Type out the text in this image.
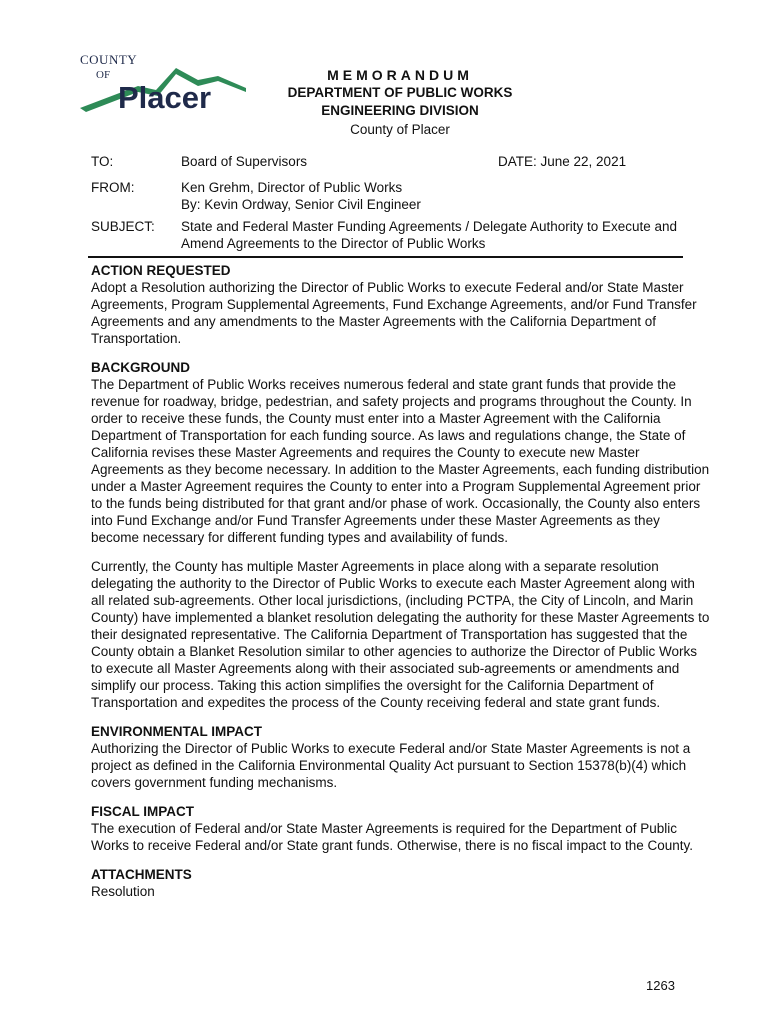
COUNTY
OF
Placer
MEMORANDUM
DEPARTMENT OF PUBLIC WORKS
ENGINEERING DIVISION
County of Placer
TO:	Board of Supervisors	DATE: June 22, 2021
FROM:	Ken Grehm, Director of Public Works
By: Kevin Ordway, Senior Civil Engineer
SUBJECT: State and Federal Master Funding Agreements / Delegate Authority to Execute and
Amend Agreements to the Director of Public Works
ACTION REQUESTED

Adopt a Resolution authorizing the Director of Public Works to execute Federal and/or State Master Agreements, Program Supplemental Agreements, Fund Exchange Agreements, and/or Fund Transfer Agreements and any amendments to the Master Agreements with the California Department of Transportation.

BACKGROUND

The Department of Public Works receives numerous federal and state grant funds that provide the revenue for roadway, bridge, pedestrian, and safety projects and programs throughout the County. In order to receive these funds, the County must enter into a Master Agreement with the California Department of Transportation for each funding source. As laws and regulations change, the State of California revises these Master Agreements and requires the County to execute new Master Agreements as they become necessary. In addition to the Master Agreements, each funding distribution under a Master Agreement requires the County to enter into a Program Supplemental Agreement prior to the funds being distributed for that grant and/or phase of work. Occasionally, the County also enters into Fund Exchange and/or Fund Transfer Agreements under these Master Agreements as they become necessary for different funding types and availability of funds.

Currently, the County has multiple Master Agreements in place along with a separate resolution delegating the authority to the Director of Public Works to execute each Master Agreement along with all related sub-agreements. Other local jurisdictions, (including PCTPA, the City of Lincoln, and Marin County) have implemented a blanket resolution delegating the authority for these Master Agreements to their designated representative. The California Department of Transportation has suggested that the County obtain a Blanket Resolution similar to other agencies to authorize the Director of Public Works to execute all Master Agreements along with their associated sub-agreements or amendments and simplify our process. Taking this action simplifies the oversight for the California Department of Transportation and expedites the process of the County receiving federal and state grant funds.

ENVIRONMENTAL IMPACT

Authorizing the Director of Public Works to execute Federal and/or State Master Agreements is not a project as defined in the California Environmental Quality Act pursuant to Section 15378(b)(4) which covers government funding mechanisms.

FISCAL IMPACT

The execution of Federal and/or State Master Agreements is required for the Department of Public Works to receive Federal and/or State grant funds. Otherwise, there is no fiscal impact to the County.

ATTACHMENTS

Resolution

1263
